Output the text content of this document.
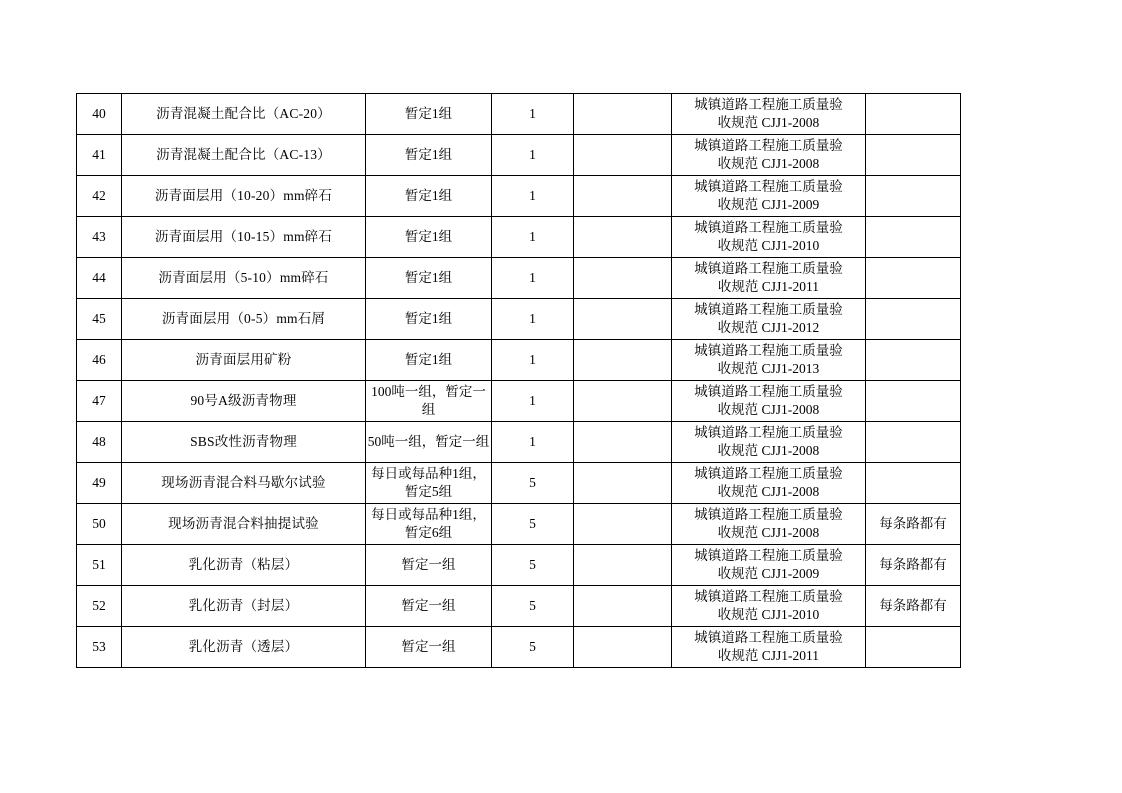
40	沥青混凝土配合比（AC-20）	暂定1组	1		城镇道路工程施工质量验
收规范 CJJ1-2008	

41	沥青混凝土配合比（AC-13）	暂定1组	1		城镇道路工程施工质量验
收规范 CJJ1-2008	

42	沥青面层用（10-20）mm碎石	暂定1组	1		城镇道路工程施工质量验
收规范 CJJ1-2009	

43	沥青面层用（10-15）mm碎石	暂定1组	1		城镇道路工程施工质量验
收规范 CJJ1-2010	

44	沥青面层用（5-10）mm碎石	暂定1组	1		城镇道路工程施工质量验
收规范 CJJ1-2011	

45	沥青面层用（0-5）mm石屑	暂定1组	1		城镇道路工程施工质量验
收规范 CJJ1-2012	

46	沥青面层用矿粉	暂定1组	1		城镇道路工程施工质量验
收规范 CJJ1-2013	

47	90号A级沥青物理	100吨一组，暂定一组	1		城镇道路工程施工质量验
收规范 CJJ1-2008	

48	SBS改性沥青物理	50吨一组，暂定一组	1		城镇道路工程施工质量验
收规范 CJJ1-2008	

49	现场沥青混合料马歇尔试验	每日或每品种1组，暂定5组	5		城镇道路工程施工质量验
收规范 CJJ1-2008	

50	现场沥青混合料抽提试验	每日或每品种1组，暂定6组	5		城镇道路工程施工质量验
收规范 CJJ1-2008	每条路都有
51	乳化沥青（粘层）	暂定一组	5		城镇道路工程施工质量验
收规范 CJJ1-2009	每条路都有
52	乳化沥青（封层）	暂定一组	5		城镇道路工程施工质量验
收规范 CJJ1-2010	每条路都有
53	乳化沥青（透层）	暂定一组	5		城镇道路工程施工质量验
收规范 CJJ1-2011	
